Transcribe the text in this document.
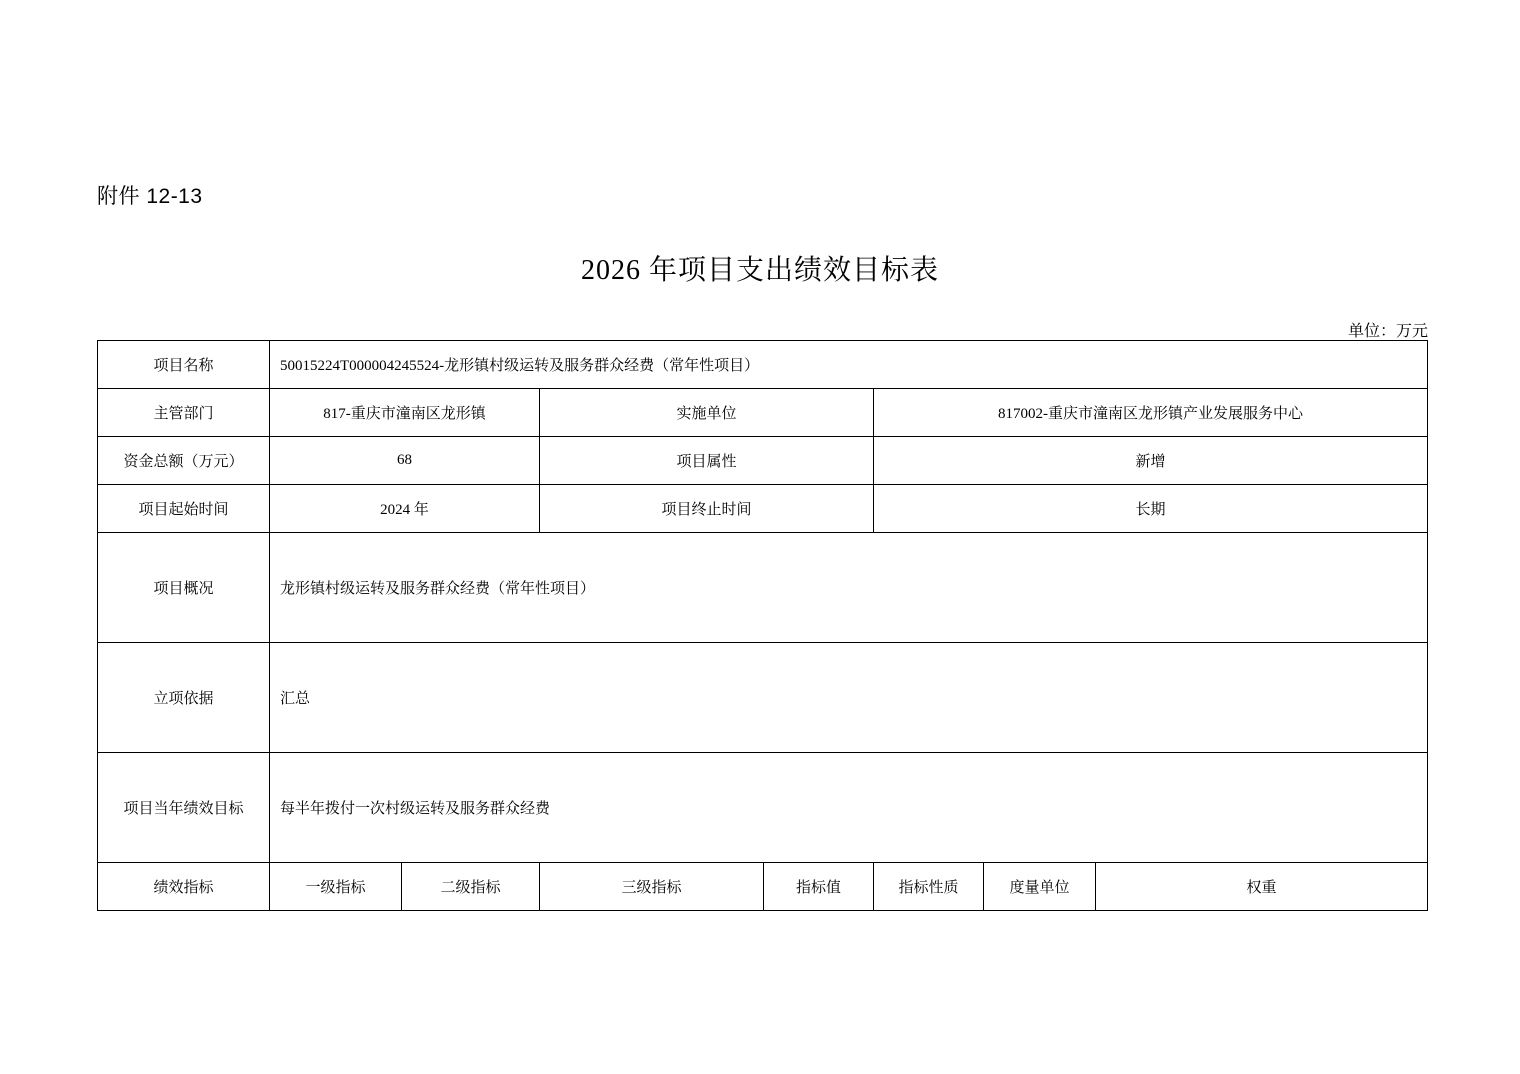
附件 12-13
2026 年项目支出绩效目标表
单位：万元
项目名称	50015224T000004245524-龙形镇村级运转及服务群众经费（常年性项目）						
主管部门	817-重庆市潼南区龙形镇		实施单位		817002-重庆市潼南区龙形镇产业发展服务中心		
资金总额（万元）	68		项目属性		新增		
项目起始时间	2024 年		项目终止时间		长期		
项目概况	龙形镇村级运转及服务群众经费（常年性项目）						
立项依据	汇总						
项目当年绩效目标	每半年拨付一次村级运转及服务群众经费						
绩效指标	一级指标	二级指标	三级指标	指标值	指标性质	度量单位	权重
